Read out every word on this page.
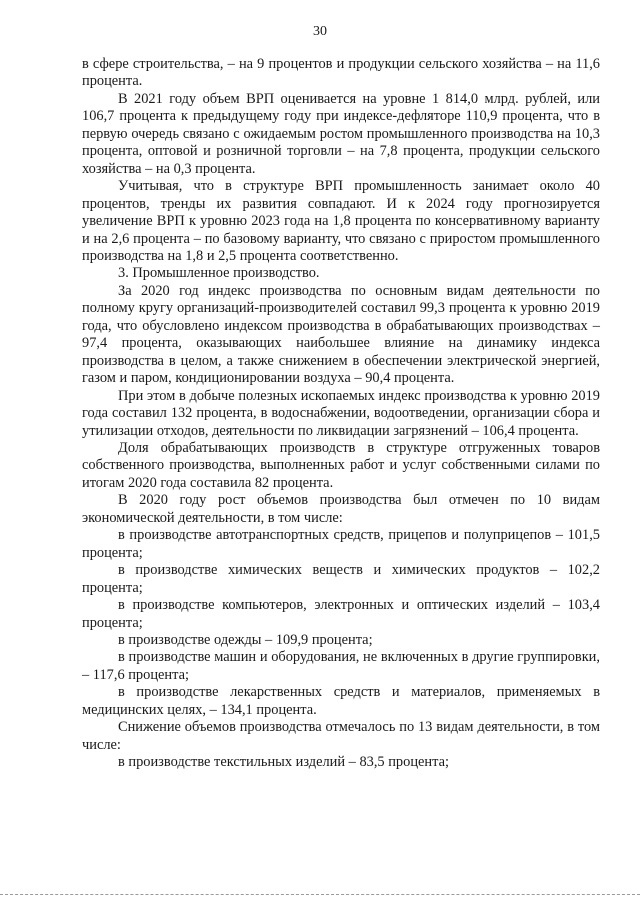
30

в сфере строительства, – на 9 процентов и продукции сельского хозяйства – на 11,6 процента.

В 2021 году объем ВРП оценивается на уровне 1 814,0 млрд. рублей, или 106,7 процента к предыдущему году при индексе-дефляторе 110,9 процента, что в первую очередь связано с ожидаемым ростом промышленного производства на 10,3 процента, оптовой и розничной торговли – на 7,8 процента, продукции сельского хозяйства – на 0,3 процента.

Учитывая, что в структуре ВРП промышленность занимает около 40 процентов, тренды их развития совпадают. И к 2024 году прогнозируется увеличение ВРП к уровню 2023 года на 1,8 процента по консервативному варианту и на 2,6 процента – по базовому варианту, что связано с приростом промышленного производства на 1,8 и 2,5 процента соответственно.

3. Промышленное производство.

За 2020 год индекс производства по основным видам деятельности по полному кругу организаций-производителей составил 99,3 процента к уровню 2019 года, что обусловлено индексом производства в обрабатывающих производствах – 97,4 процента, оказывающих наибольшее влияние на динамику индекса производства в целом, а также снижением в обеспечении электрической энергией, газом и паром, кондиционировании воздуха – 90,4 процента.

При этом в добыче полезных ископаемых индекс производства к уровню 2019 года составил 132 процента, в водоснабжении, водоотведении, организации сбора и утилизации отходов, деятельности по ликвидации загрязнений – 106,4 процента.

Доля обрабатывающих производств в структуре отгруженных товаров собственного производства, выполненных работ и услуг собственными силами по итогам 2020 года составила 82 процента.

В 2020 году рост объемов производства был отмечен по 10 видам экономической деятельности, в том числе:

в производстве автотранспортных средств, прицепов и полуприцепов – 101,5 процента;

в производстве химических веществ и химических продуктов – 102,2 процента;

в производстве компьютеров, электронных и оптических изделий – 103,4 процента;

в производстве одежды – 109,9 процента;

в производстве машин и оборудования, не включенных в другие группировки, – 117,6 процента;

в производстве лекарственных средств и материалов, применяемых в медицинских целях, – 134,1 процента.

Снижение объемов производства отмечалось по 13 видам деятельности, в том числе:

в производстве текстильных изделий – 83,5 процента;
